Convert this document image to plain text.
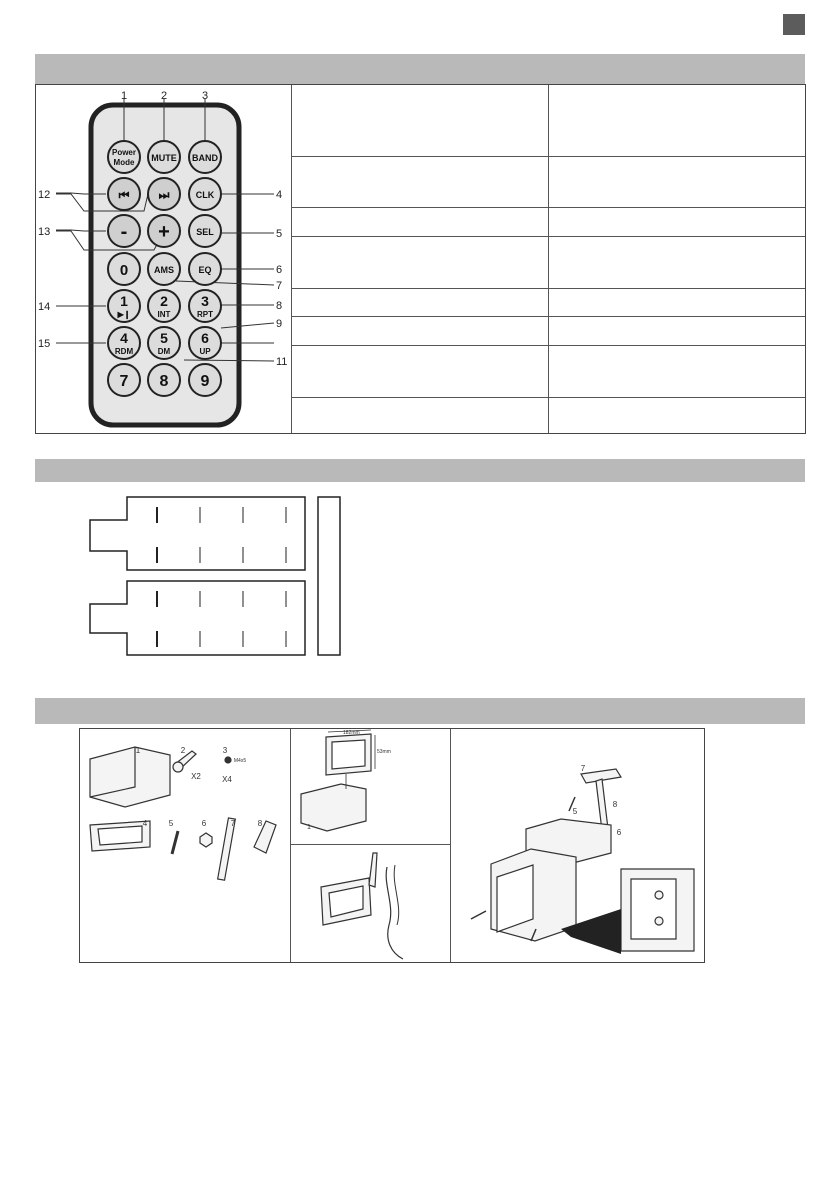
1	2	3
4
5
6
7
8
9
11
12
13
14
15
Power
Mode MUTE BAND
⏮ ⏭	CLK
- +	SEL
0	AMS	EQ
1
▶❙
2
INT
3
RPT
4
RDM
5
DM
6
UP
7 8 9
1	2	3
4	5	6	7	8
X2	X4
M4x5
182mm
53mm
1
7
5
8
6
